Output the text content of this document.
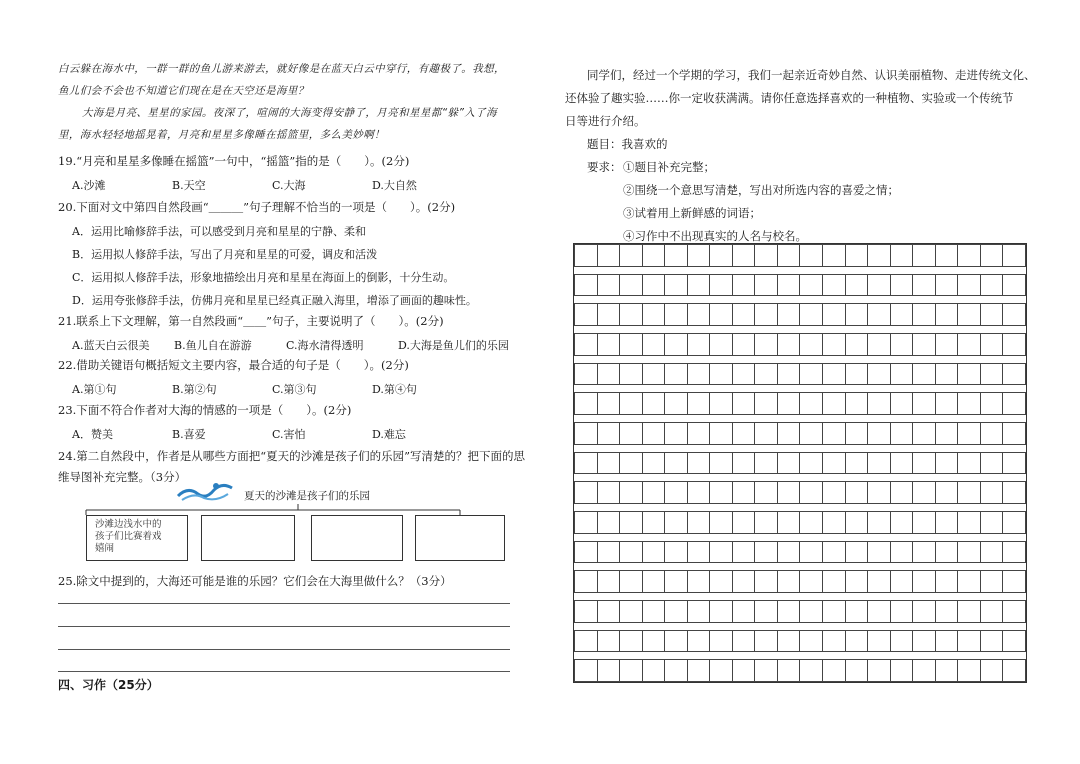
白云躲在海水中，一群一群的鱼儿游来游去，就好像是在蓝天白云中穿行，有趣极了。我想，
鱼儿们会不会也不知道它们现在是在天空还是海里？
大海是月亮、星星的家园。夜深了，喧闹的大海变得安静了，月亮和星星都“躲”入了海
里，海水轻轻地摇晃着，月亮和星星多像睡在摇篮里，多么美妙啊！
19.“月亮和星星多像睡在摇篮”一句中，“摇篮”指的是（　　）。(2分)
A.沙滩	B.天空	C.大海	D.大自然
20.下面对文中第四自然段画“＿＿＿”句子理解不恰当的一项是（　　）。(2分)
A．运用比喻修辞手法，可以感受到月亮和星星的宁静、柔和
B．运用拟人修辞手法，写出了月亮和星星的可爱，调皮和活泼
C．运用拟人修辞手法，形象地描绘出月亮和星星在海面上的倒影，十分生动。
D．运用夸张修辞手法，仿佛月亮和星星已经真正融入海里，增添了画面的趣味性。
21.联系上下文理解，第一自然段画“＿＿”句子，主要说明了（　　）。(2分)
A.蓝天白云很美 B.鱼儿自在游游	C.海水清得透明	D.大海是鱼儿们的乐园
22.借助关键语句概括短文主要内容，最合适的句子是（　　）。(2分)
A.第①句	B.第②句	C.第③句	D.第④句
23.下面不符合作者对大海的情感的一项是（　　）。(2分)
A．赞美	B.喜爱	C.害怕	D.难忘
24.第二自然段中，作者是从哪些方面把“夏天的沙滩是孩子们的乐园”写清楚的？把下面的思
维导图补充完整。（3分）
夏天的沙滩是孩子们的乐园
沙滩边浅水中的
孩子们比赛着戏
嬉闹
25.除文中提到的，大海还可能是谁的乐园？它们会在大海里做什么？（3分）
四、习作（25分）
同学们，经过一个学期的学习，我们一起亲近奇妙自然、认识美丽植物、走进传统文化、
还体验了趣实验……你一定收获满满。请你任意选择喜欢的一种植物、实验或一个传统节
日等进行介绍。
题目：我喜欢的
要求： ①题目补充完整；
②围绕一个意思写清楚，写出对所选内容的喜爱之情；
③试着用上新鲜感的词语；
④习作中不出现真实的人名与校名。
